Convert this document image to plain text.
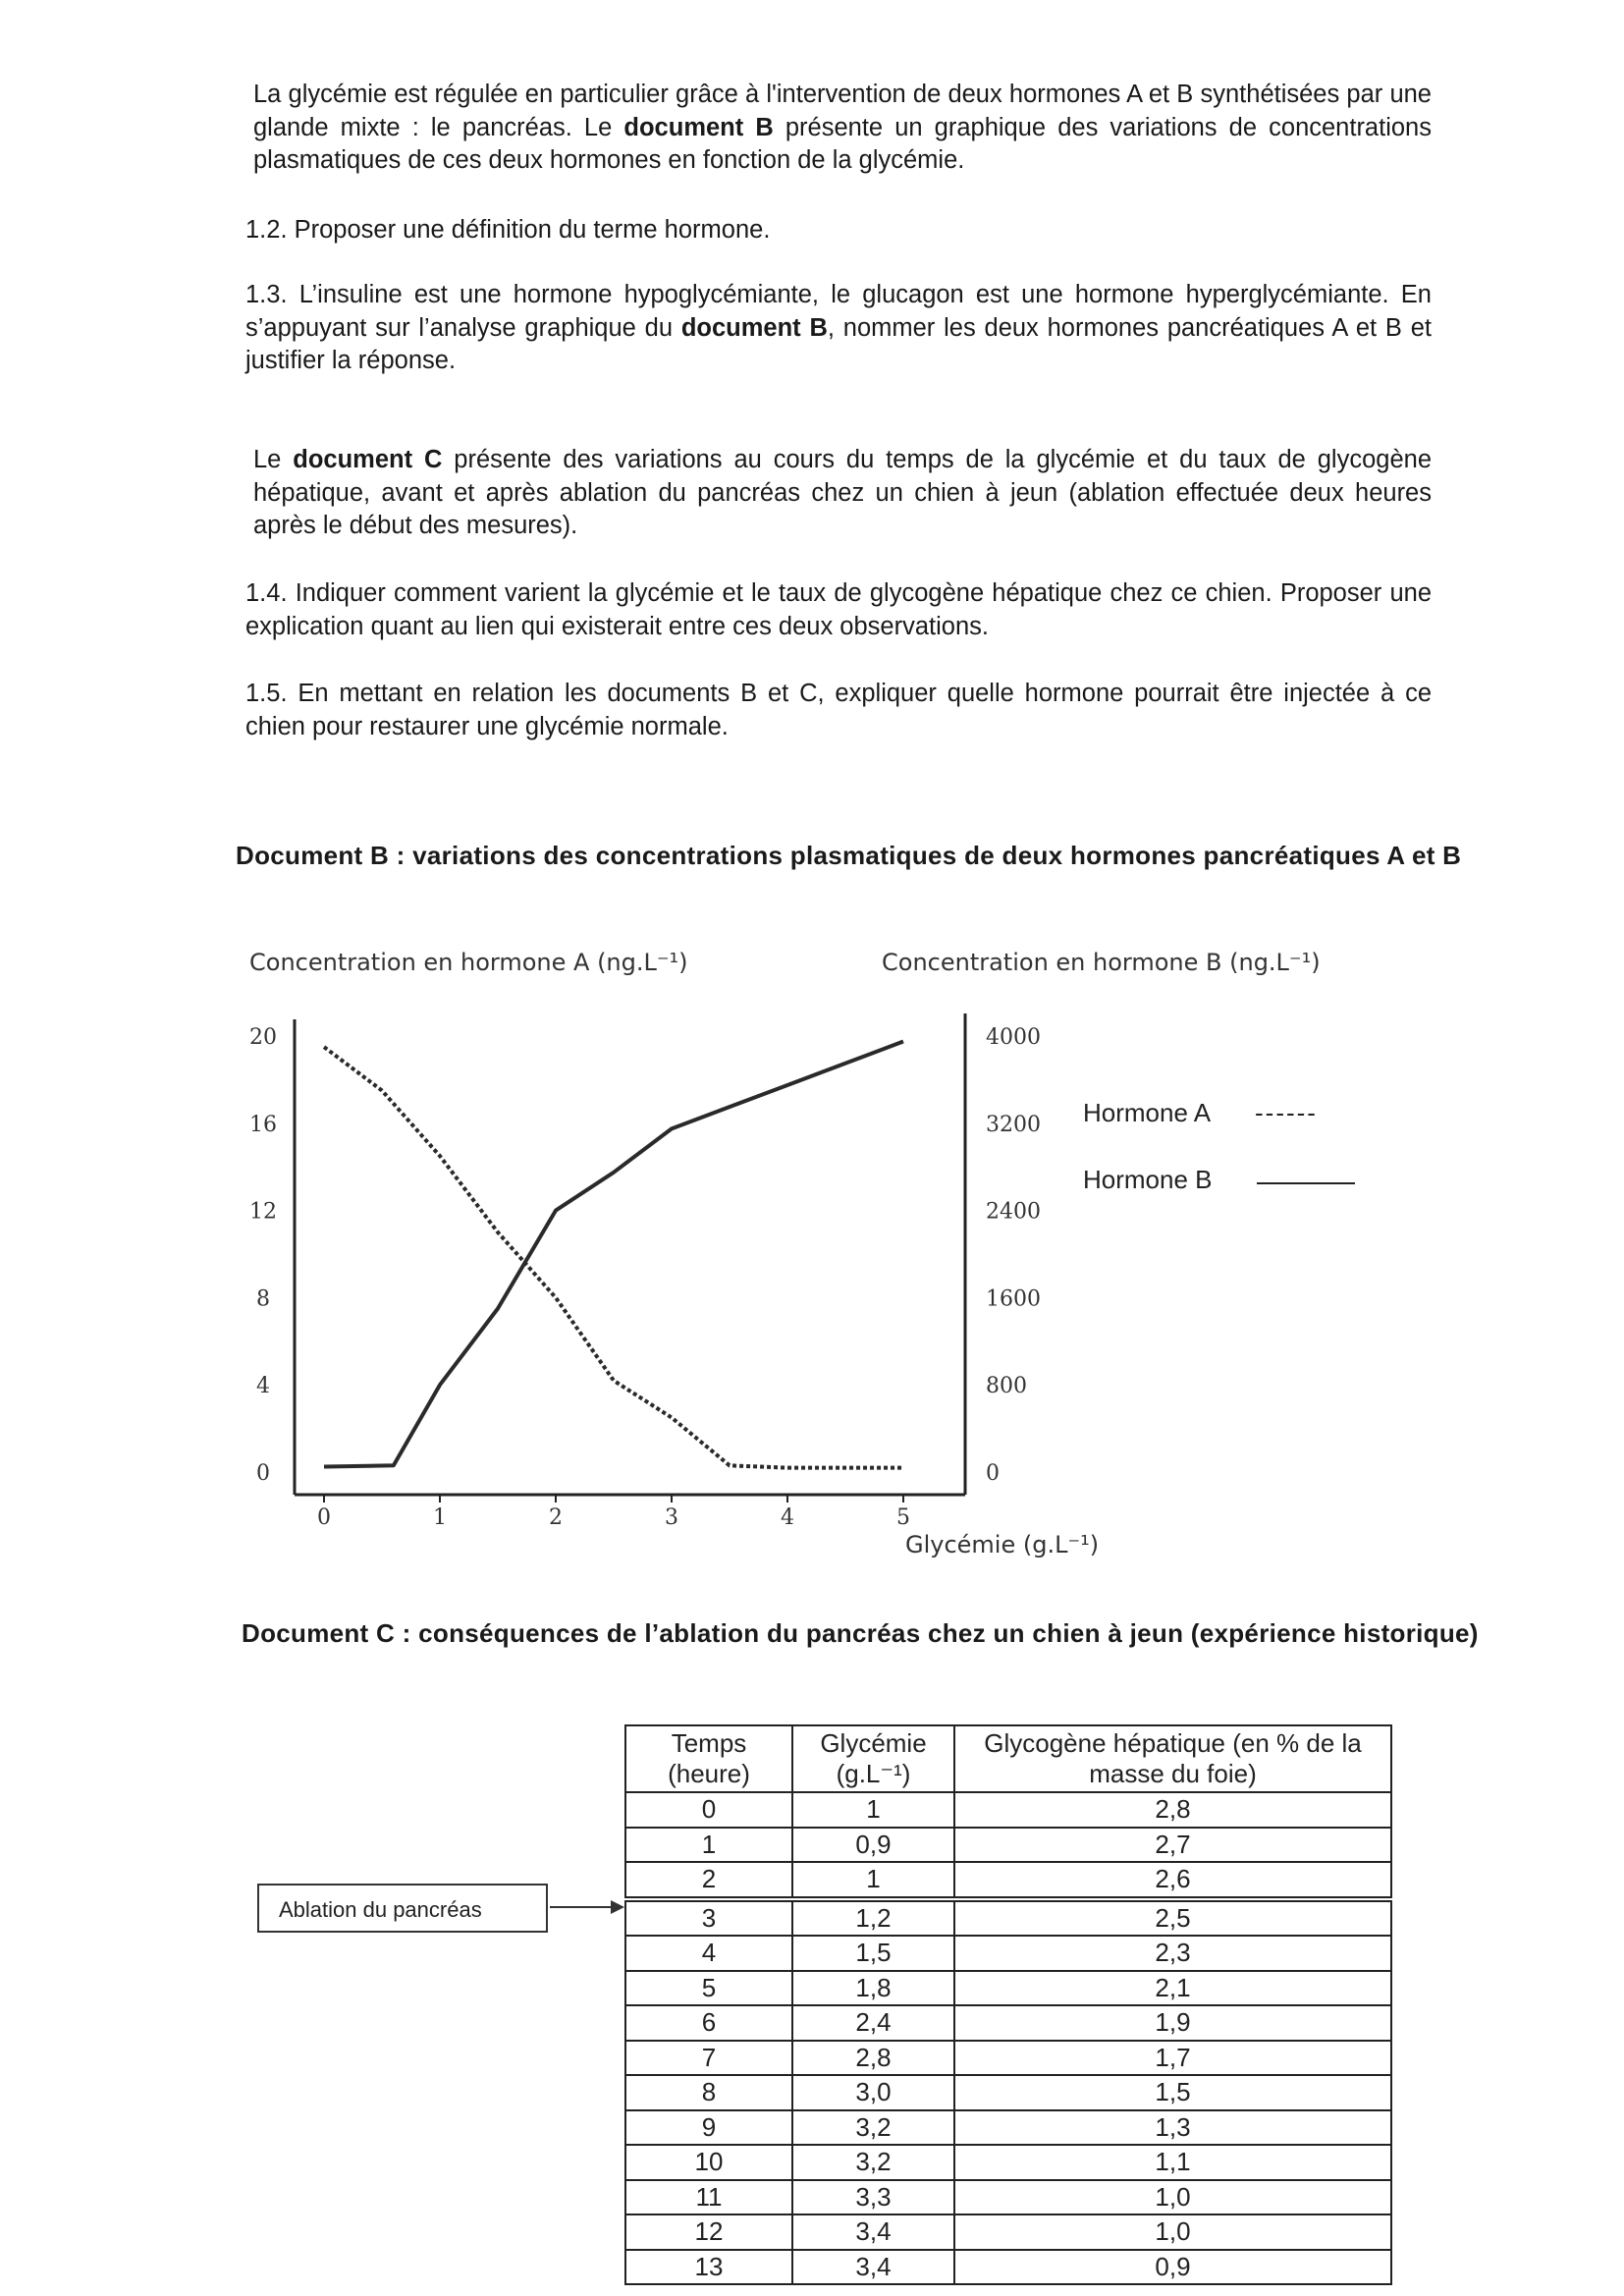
La glycémie est régulée en particulier grâce à l'intervention de deux hormones A et B synthétisées par une glande mixte : le pancréas. Le document B présente un graphique des variations de concentrations plasmatiques de ces deux hormones en fonction de la glycémie.
1.2. Proposer une définition du terme hormone.
1.3. L’insuline est une hormone hypoglycémiante, le glucagon est une hormone hyperglycémiante. En s’appuyant sur l’analyse graphique du document B, nommer les deux hormones pancréatiques A et B et justifier la réponse.
Le document C présente des variations au cours du temps de la glycémie et du taux de glycogène hépatique, avant et après ablation du pancréas chez un chien à jeun (ablation effectuée deux heures après le début des mesures).
1.4. Indiquer comment varient la glycémie et le taux de glycogène hépatique chez ce chien. Proposer une explication quant au lien qui existerait entre ces deux observations.
1.5. En mettant en relation les documents B et C, expliquer quelle hormone pourrait être injectée à ce chien pour restaurer une glycémie normale.
Document B : variations des concentrations plasmatiques de deux hormones pancréatiques A et B
Concentration en hormone A (ng.L⁻¹)	Concentration en hormone B (ng.L⁻¹)
0	1	2	3	4	5
0
4
8
12
16
20
0
800
1600
2400
3200
4000
Glycémie (g.L⁻¹)
Hormone A ------
Hormone B
Document C : conséquences de l’ablation du pancréas chez un chien à jeun (expérience historique)
Ablation du pancréas
Temps (heure)	Glycémie (g.L⁻¹)	Glycogène hépatique (en % de la masse du foie)
0	1	2,8
1	0,9	2,7
2	1	2,6
3	1,2	2,5
4	1,5	2,3
5	1,8	2,1
6	2,4	1,9
7	2,8	1,7
8	3,0	1,5
9	3,2	1,3
10	3,2	1,1
11	3,3	1,0
12	3,4	1,0
13	3,4	0,9
